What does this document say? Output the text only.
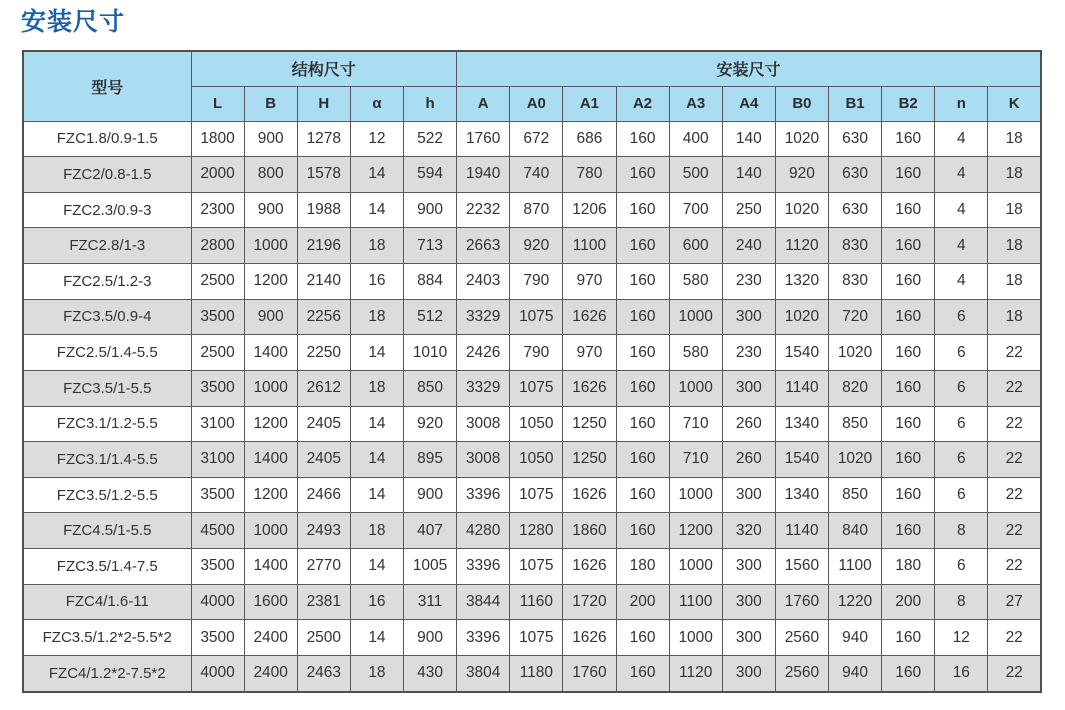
安装尺寸
型号	结构尺寸					安装尺寸										
	L	B	H	α	h	A	A0	A1	A2	A3	A4	B0	B1	B2	n	K
FZC1.8/0.9-1.5	1800	900	1278	12	522	1760	672	686	160	400	140	1020	630	160	4	18
FZC2/0.8-1.5	2000	800	1578	14	594	1940	740	780	160	500	140	920	630	160	4	18
FZC2.3/0.9-3	2300	900	1988	14	900	2232	870	1206	160	700	250	1020	630	160	4	18
FZC2.8/1-3	2800	1000	2196	18	713	2663	920	1100	160	600	240	1120	830	160	4	18
FZC2.5/1.2-3	2500	1200	2140	16	884	2403	790	970	160	580	230	1320	830	160	4	18
FZC3.5/0.9-4	3500	900	2256	18	512	3329	1075	1626	160	1000	300	1020	720	160	6	18
FZC2.5/1.4-5.5	2500	1400	2250	14	1010	2426	790	970	160	580	230	1540	1020	160	6	22
FZC3.5/1-5.5	3500	1000	2612	18	850	3329	1075	1626	160	1000	300	1140	820	160	6	22
FZC3.1/1.2-5.5	3100	1200	2405	14	920	3008	1050	1250	160	710	260	1340	850	160	6	22
FZC3.1/1.4-5.5	3100	1400	2405	14	895	3008	1050	1250	160	710	260	1540	1020	160	6	22
FZC3.5/1.2-5.5	3500	1200	2466	14	900	3396	1075	1626	160	1000	300	1340	850	160	6	22
FZC4.5/1-5.5	4500	1000	2493	18	407	4280	1280	1860	160	1200	320	1140	840	160	8	22
FZC3.5/1.4-7.5	3500	1400	2770	14	1005	3396	1075	1626	180	1000	300	1560	1100	180	6	22
FZC4/1.6-11	4000	1600	2381	16	311	3844	1160	1720	200	1100	300	1760	1220	200	8	27
FZC3.5/1.2*2-5.5*2	3500	2400	2500	14	900	3396	1075	1626	160	1000	300	2560	940	160	12	22
FZC4/1.2*2-7.5*2	4000	2400	2463	18	430	3804	1180	1760	160	1120	300	2560	940	160	16	22
